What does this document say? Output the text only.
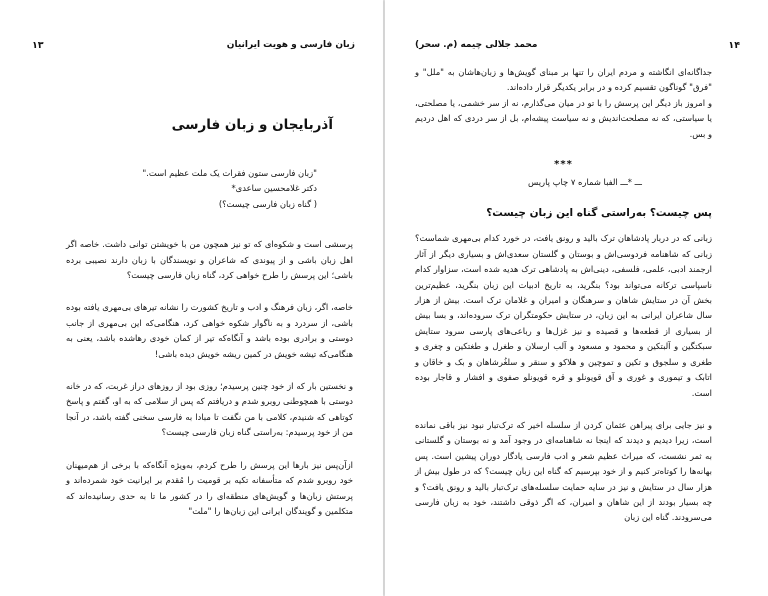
زبان فارسی و هویت ایرانیان
۱۳

آذربایجان و زبان فارسی

"زبان فارسی ستون فقرات یک ملت عظیم است."
دکتر غلامحسین ساعدی*
( گناه زبان فارسی چیست؟)

پرسشی است و شکوه‌ای که تو نیز همچون من با خویشتن توانی داشت. خاصه اگر اهل زبان باشی و از پیوندی که شاعران و نویسندگان با زبان دارند نصیبی برده باشی؛ این پرسش را طرح خواهی کرد، گناه زبان فارسی چیست؟

خاصه، اگر، زبان فرهنگ و ادب و تاریخ کشورت را نشانه تیرهای بی‌مهری یافته بوده باشی، از سردرد و به ناگوار شکوه خواهی کرد، هنگامی‌که این بی‌مهری از جانب دوستی و برادری بوده باشد و آنگاه‌که تیر از کمان خودی رهاشده باشد، یعنی به هنگامی‌که تیشه خویش در کمین ریشه خویش دیده باشی!

و نخستین بار که از خود چنین پرسیدم؛ روزی بود از روزهای دراز غربت، که در خانه دوستی با همچو‌طنی روبرو شدم و دریافتم که پس از سلامی که به او، گفتم و پاسخ کوتاهی که شنیدم، کلامی با من نگفت تا مبادا به فارسی سخنی گفته باشد، در آنجا من از خود پرسیدم: به‌راستی گناه زبان فارسی چیست؟

ازآن‌پس نیز بارها این پرسش را طرح کردم، به‌ویژه آنگاه‌که با برخی از هم‌میهنان خود روبرو شدم که متأسفانه تکیه بر قومیت را مُقدم بر ایرانیت خود شمرده‌اند و پرستش زبان‌ها و گویش‌های منطقه‌ای را در کشور ما تا به حدی رسانیده‌اند که متکلمین و گویندگان ایرانی این زبان‌ها را "ملت"

۱۴
محمد جلالی چیمه (م. سحر)

جداگانه‌ای انگاشته و مردم ایران را تنها بر مبنای گویش‌ها و زبان‌هاشان به "ملل" و "فرق" گوناگون تقسیم کرده و در برابر یکدیگر قرار داده‌اند.

و امروز باز دیگر این پرسش را با تو در میان می‌گذارم، نه از سر خشمی، یا مصلحتی، یا سیاستی، که نه مصلحت‌اندیش و نه سیاست پیشه‌ام، بل از سر دردی که اهل دردیم و بس.

***

ـــ *ـــ الفبا شماره ۷ چاپ پاریس

پس چیست؟ به‌راستی گناه این زبان چیست؟

زبانی که در دربار پادشاهان ترک بالید و رونق یافت، در خورد کدام بی‌مهری شماست؟ زبانی که شاهنامه فردوسی‌اش و بوستان و گلستان سعدی‌اش و بسیاری دیگر از آثار ارجمند ادبی، علمی، فلسفی، دینی‌اش به پادشاهی ترک هدیه شده است، سزاوار کدام ناسپاسی ترکانه می‌تواند بود؟ بنگرید، به تاریخ ادبیات این زبان بنگرید، عظیم‌ترین بخش آن در ستایش شاهان و سرهنگان و امیران و غلامان ترک است. بیش از هزار سال شاعران ایرانی به این زبان، در ستایش حکومتگران ترک سروده‌اند، و بسا بیش از بسیاری از قطعه‌ها و قصیده و نیز غزل‌ها و رباعی‌های پارسی سرود ستایش سبکتگین و آلبتکین و محمود و مسعود و آلب ارسلان و طغرل و طغتکین و چغری و طغری و سلجوق و تکین و تموچین و هلاکو و سنقر و سلغُرشاهان و بک و خاقان و اتابک و تیموری و غوری و آق قویونلو و قره قویونلو صفوی و افشار و قاجار بوده است.

و نیز جایی برای پیراهن عثمان کردن از سلسله اخیر که ترک‌تبار نبود نیز باقی نمانده است، زیرا دیدیم و دیدند که اینجا نه شاهنامه‌ای در وجود آمد و نه بوستان و گلستانی به ثمر نشست، که میراث عظیم شعر و ادب فارسی یادگار دوران پیشین است. پس بهانه‌ها را کوتاه‌تر کنیم و از خود بپرسیم که گناه این زبان چیست؟ که در طول بیش از هزار سال در ستایش و نیز در سایه حمایت سلسله‌های ترک‌تبار بالید و رونق یافت؟ و چه بسیار بودند از این شاهان و امیران، که اگر ذوقی داشتند، خود به زبان فارسی می‌سرودند. گناه این زبان
